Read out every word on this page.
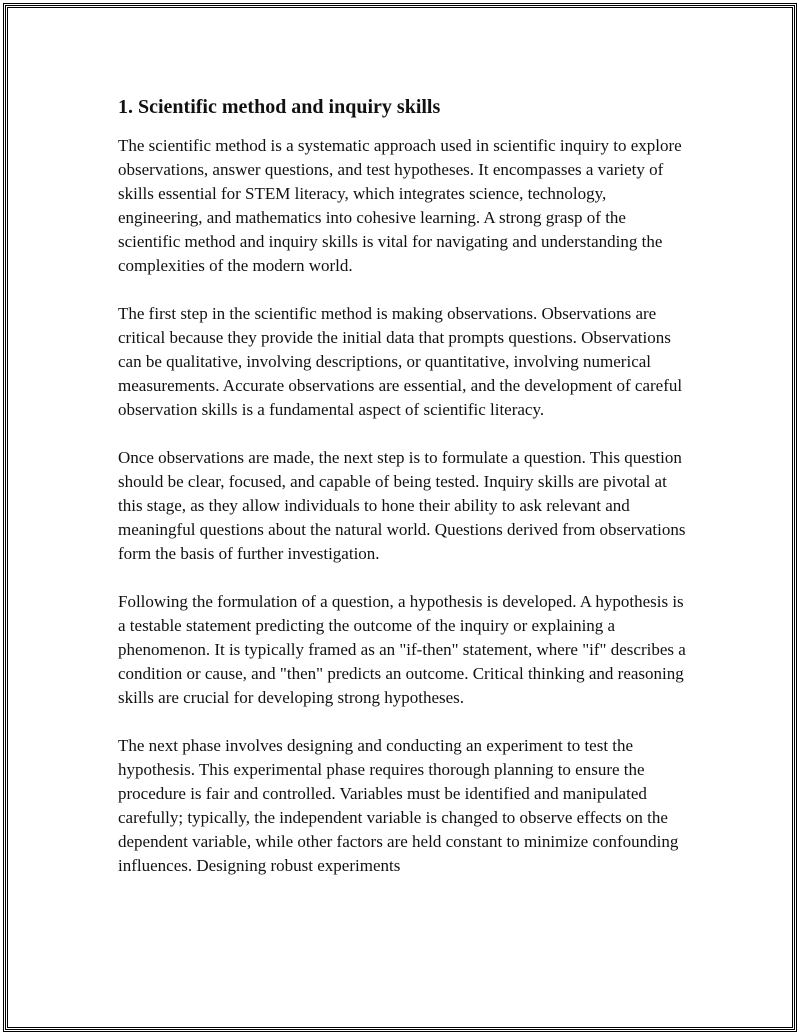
1. Scientific method and inquiry skills

The scientific method is a systematic approach used in scientific inquiry to explore observations, answer questions, and test hypotheses. It encompasses a variety of skills essential for STEM literacy, which integrates science, technology, engineering, and mathematics into cohesive learning. A strong grasp of the scientific method and inquiry skills is vital for navigating and understanding the complexities of the modern world.

The first step in the scientific method is making observations. Observations are critical because they provide the initial data that prompts questions. Observations can be qualitative, involving descriptions, or quantitative, involving numerical measurements. Accurate observations are essential, and the development of careful observation skills is a fundamental aspect of scientific literacy.

Once observations are made, the next step is to formulate a question. This question should be clear, focused, and capable of being tested. Inquiry skills are pivotal at this stage, as they allow individuals to hone their ability to ask relevant and meaningful questions about the natural world. Questions derived from observations form the basis of further investigation.

Following the formulation of a question, a hypothesis is developed. A hypothesis is a testable statement predicting the outcome of the inquiry or explaining a phenomenon. It is typically framed as an "if-then" statement, where "if" describes a condition or cause, and "then" predicts an outcome. Critical thinking and reasoning skills are crucial for developing strong hypotheses.

The next phase involves designing and conducting an experiment to test the hypothesis. This experimental phase requires thorough planning to ensure the procedure is fair and controlled. Variables must be identified and manipulated carefully; typically, the independent variable is changed to observe effects on the dependent variable, while other factors are held constant to minimize confounding influences. Designing robust experiments
